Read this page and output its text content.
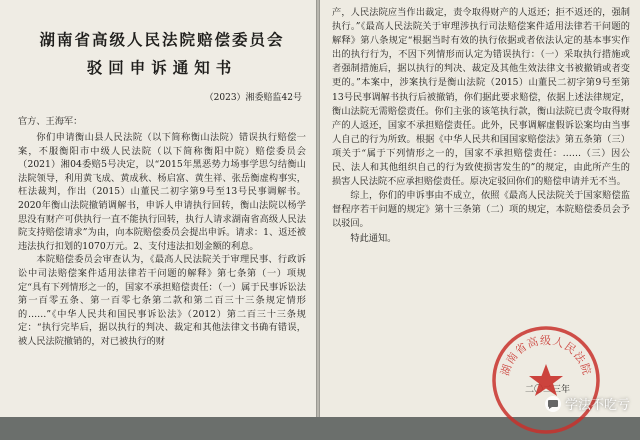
湖南省高级人民法院赔偿委员会
驳回申诉通知书
（2023）湘委赔监42号
官方、王海军：

你们申请衡山县人民法院（以下简称衡山法院）错误执行赔偿一案，不服衡阳市中级人民法院（以下简称衡阳中院）赔偿委员会（2021）湘04委赔5号决定，以“2015年黑恶势力场事学思匀结衡山法院领导，利用黄飞成、黄成秋、杨启富、黄生祥、张岳衡虚构事实，枉法裁判，作出（2015）山董民二初字第9号至13号民事调解书。2020年衡山法院撤销调解书，申诉人申请执行回转，衡山法院以杨学思没有财产可供执行一直不能执行回转，执行人请求湖南省高级人民法院支持赔偿请求”为由，向本院赔偿委员会提出申诉。请求：1、返还被违法执行扣划的1070万元。2、支付违法扣划金额的利息。

本院赔偿委员会审查认为，《最高人民法院关于审理民事、行政诉讼中司法赔偿案件适用法律若干问题的解释》第七条第（一）项规定“具有下列情形之一的，国家不承担赔偿责任：（一）属于民事诉讼法第一百零五条、第一百零七条第二款和第二百三十三条规定情形的……”《中华人民共和国民事诉讼法》（2012）第二百三十三条规定：“执行完毕后，据以执行的判决、裁定和其他法律文书确有错误，被人民法院撤销的，对已被执行的财

产，人民法院应当作出裁定，责令取得财产的人返还；拒不返还的，强制执行。”《最高人民法院关于审理涉执行司法赔偿案件适用法律若干问题的解释》第八条规定“根据当时有效的执行依据或者依法认定的基本事实作出的执行行为，不因下列情形而认定为错误执行：（一）采取执行措施或者强制措施后，据以执行的判决、裁定及其他生效法律文书被撤销或者变更的。”本案中，涉案执行是衡山法院（2015）山董民二初字第9号至第13号民事调解书执行后被撤销，你们据此要求赔偿，依据上述法律规定，衡山法院无需赔偿责任。你们主张的该笔执行款，衡山法院已责令取得财产的人返还，国家不承担赔偿责任。此外，民事调解虚假诉讼案均由当事人自己的行为所致。根据《中华人民共和国国家赔偿法》第五条第（三）项关于“属于下列情形之一的，国家不承担赔偿责任：……（三）因公民、法人和其他组织自己的行为致使损害发生的”的规定，由此所产生的损害人民法院不应承担赔偿责任。原决定驳回你们的赔偿申请并无不当。

综上，你们的申诉事由不成立，依照《最高人民法院关于国家赔偿监督程序若干问题的规定》第十三条第（二）项的规定，本院赔偿委员会予以驳回。

特此通知。

二〇二三年
湖南省高级人民法院
学法不吃亏
